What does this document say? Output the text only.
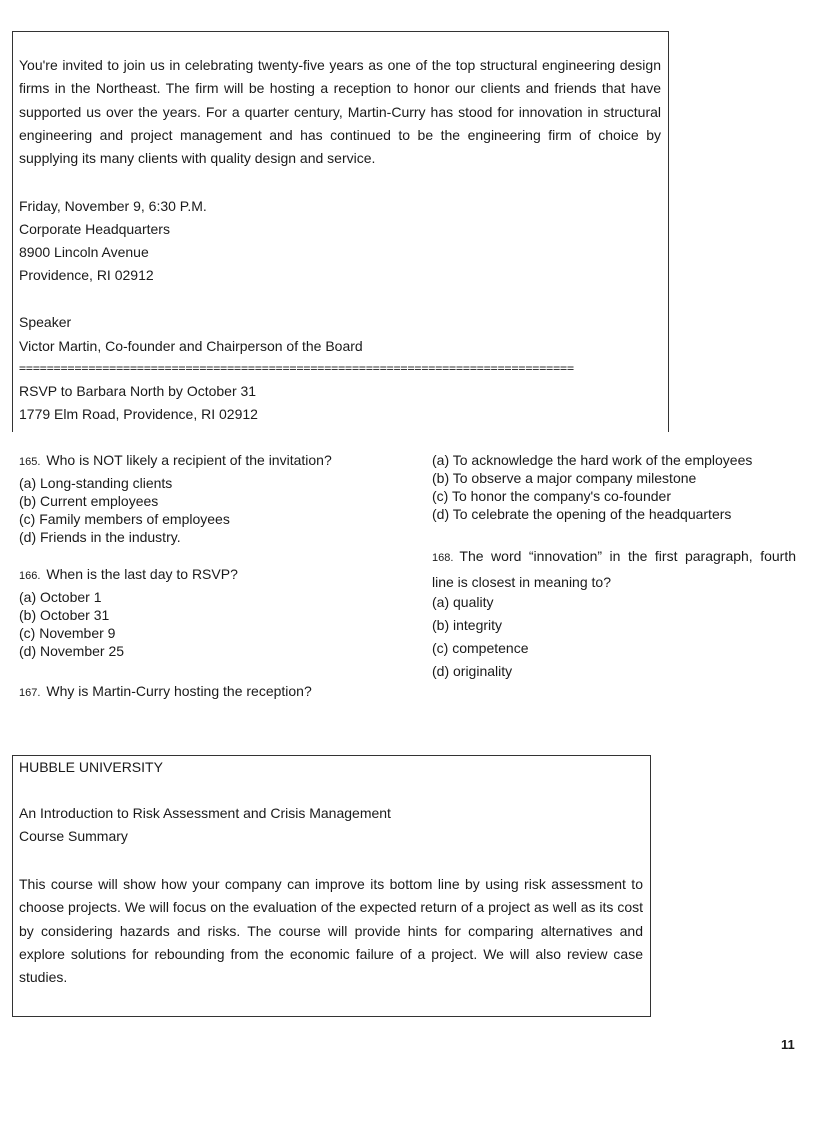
You're invited to join us in celebrating twenty-five years as one of the top structural engineering design firms in the Northeast. The firm will be hosting a reception to honor our clients and friends that have supported us over the years. For a quarter century, Martin-Curry has stood for innovation in structural engineering and project management and has continued to be the engineering firm of choice by supplying its many clients with quality design and service.

Friday, November 9, 6:30 P.M.
Corporate Headquarters
8900 Lincoln Avenue
Providence, RI 02912
Speaker
Victor Martin, Co-founder and Chairperson of the Board
================================================================================
RSVP to Barbara North by October 31
1779 Elm Road, Providence, RI 02912
165. Who is NOT likely a recipient of the invitation?
(a) Long-standing clients
(b) Current employees
(c) Family members of employees
(d) Friends in the industry.
166. When is the last day to RSVP?
(a) October 1
(b) October 31
(c) November 9
(d) November 25
167. Why is Martin-Curry hosting the reception?
(a) To acknowledge the hard work of the employees
(b) To observe a major company milestone
(c) To honor the company's co-founder
(d) To celebrate the opening of the headquarters
168. The word “innovation” in the first paragraph, fourth line is closest in meaning to?
(a) quality
(b) integrity
(c) competence
(d) originality
HUBBLE UNIVERSITY
An Introduction to Risk Assessment and Crisis Management
Course Summary

This course will show how your company can improve its bottom line by using risk assessment to choose projects. We will focus on the evaluation of the expected return of a project as well as its cost by considering hazards and risks. The course will provide hints for comparing alternatives and explore solutions for rebounding from the economic failure of a project. We will also review case studies.

11
